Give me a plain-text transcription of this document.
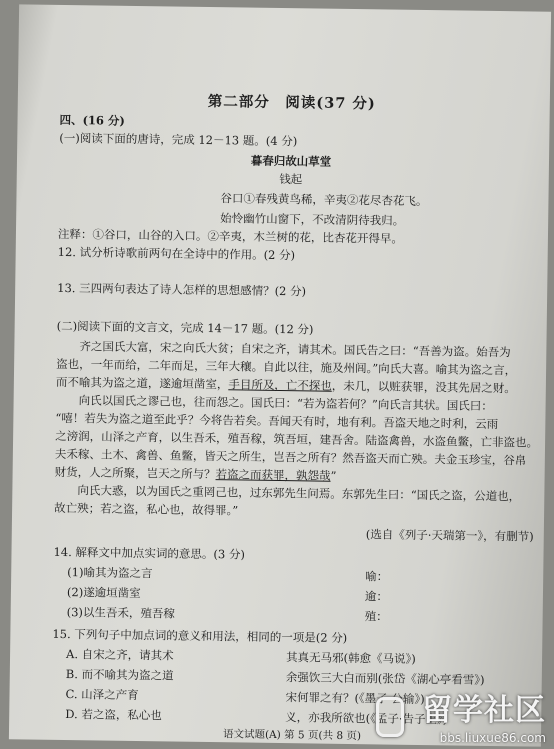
第二部分　阅读(37 分)
四、(16 分)
(一)阅读下面的唐诗，完成 12－13 题。(4 分)
暮春归故山草堂
钱起
谷口①春残黄鸟稀，辛夷②花尽杏花飞。
始怜幽竹山窗下，不改清阴待我归。
注释：①谷口，山谷的入口。②辛夷，木兰树的花，比杏花开得早。
12. 试分析诗歌前两句在全诗中的作用。(2 分)
13. 三四两句表达了诗人怎样的思想感情？(2 分)
(二)阅读下面的文言文，完成 14－17 题。(12 分)
　　齐之国氏大富，宋之向氏大贫；自宋之齐，请其术。国氏告之曰：“吾善为盗。始吾为
盗也，一年而给，二年而足，三年大穰。自此以往，施及州闾。”向氏大喜。喻其为盗之言，
而不喻其为盗之道，遂逾垣凿室，手目所及，亡不探也，未几，以赃获罪，没其先居之财。
　　向氏以国氏之谬己也，往而怨之。国氏曰：“若为盗若何？”向氏言其状。国氏曰：
“嘻！若失为盗之道至此乎？今将告若矣。吾闻天有时，地有利。吾盗天地之时利，云雨
之滂润，山泽之产育，以生吾禾，殖吾稼，筑吾垣，建吾舍。陆盗禽兽，水盗鱼鳖，亡非盗也。
夫禾稼、土木、禽兽、鱼鳖，皆天之所生，岂吾之所有？然吾盗天而亡殃。夫金玉珍宝，谷帛
财货，人之所聚，岂天之所与？若盗之而获罪，孰怨哉”
　　向氏大惑，以为国氏之重罔己也，过东郭先生问焉。东郭先生曰：“国氏之盗，公道也，
故亡殃；若之盗，私心也，故得罪。”
(选自《列子·天瑞第一》，有删节)
14. 解释文中加点实词的意思。(3 分)
(1)喻其为盗之言	喻：
(2)遂逾垣凿室	逾：
(3)以生吾禾，殖吾稼	殖：
15. 下列句子中加点词的意义和用法，相同的一项是(2 分)
A. 自宋之齐，请其术	其真无马邪(韩愈《马说》)
B. 而不喻其为盗之道	余强饮三大白而别(张岱《湖心亭看雪》)
C. 山泽之产育	宋何罪之有？(《墨子·公输》)
D. 若之盗，私心也	义，亦我所欲也(《孟子·告子上》)
语文试题(A) 第 5 页(共 8 页)
留学社区
bbs.liuxue86.com
